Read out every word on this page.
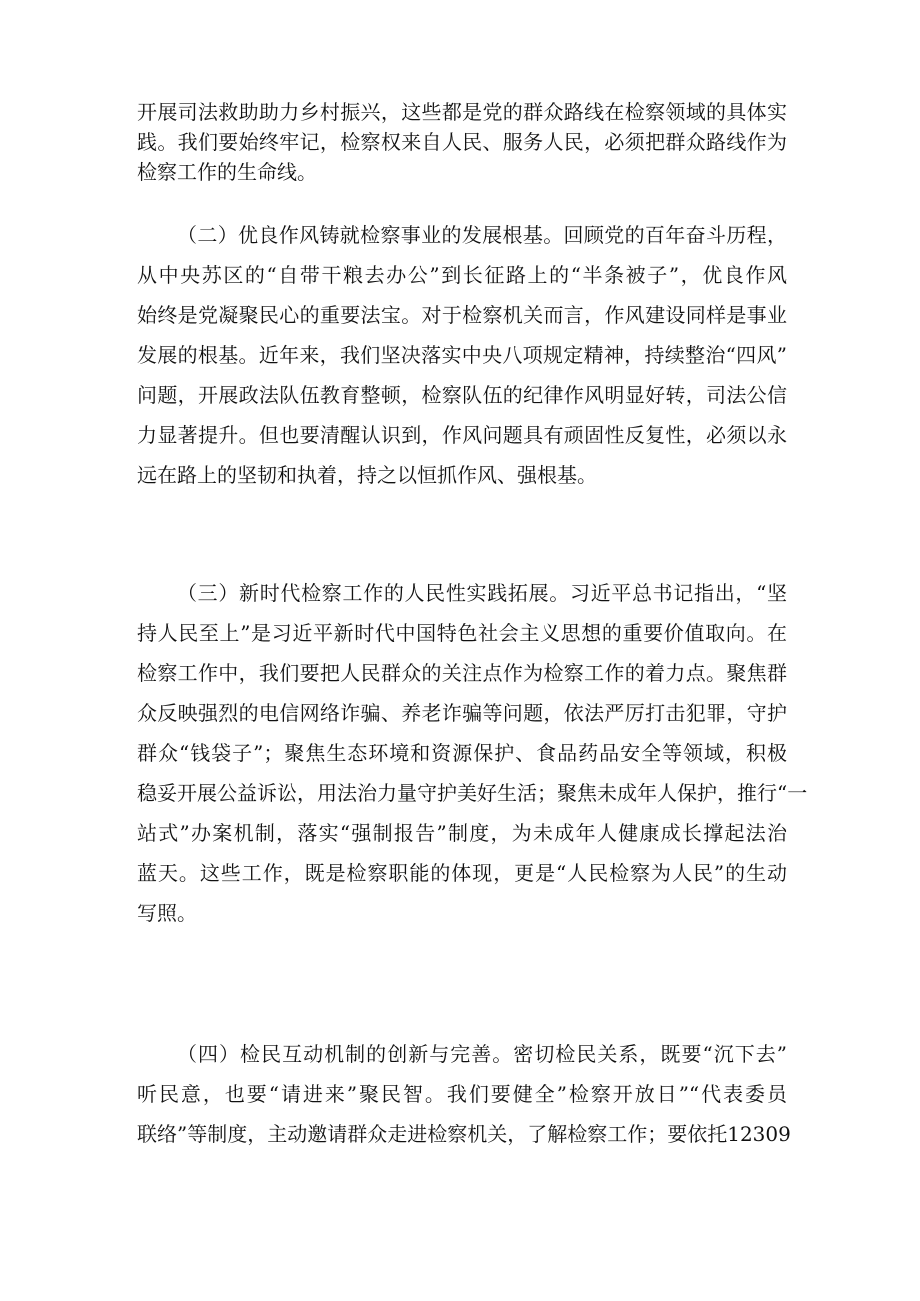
开展司法救助助力乡村振兴，这些都是党的群众路线在检察领域的具体实
践。我们要始终牢记，检察权来自人民、服务人民，必须把群众路线作为
检察工作的生命线。
（二）优良作风铸就检察事业的发展根基。回顾党的百年奋斗历程，
从中央苏区的“自带干粮去办公”到长征路上的“半条被子”，优良作风
始终是党凝聚民心的重要法宝。对于检察机关而言，作风建设同样是事业
发展的根基。近年来，我们坚决落实中央八项规定精神，持续整治“四风”
问题，开展政法队伍教育整顿，检察队伍的纪律作风明显好转，司法公信
力显著提升。但也要清醒认识到，作风问题具有顽固性反复性，必须以永
远在路上的坚韧和执着，持之以恒抓作风、强根基。
（三）新时代检察工作的人民性实践拓展。习近平总书记指出，“坚
持人民至上”是习近平新时代中国特色社会主义思想的重要价值取向。在
检察工作中，我们要把人民群众的关注点作为检察工作的着力点。聚焦群
众反映强烈的电信网络诈骗、养老诈骗等问题，依法严厉打击犯罪，守护
群众“钱袋子”；聚焦生态环境和资源保护、食品药品安全等领域，积极
稳妥开展公益诉讼，用法治力量守护美好生活；聚焦未成年人保护，推行“一
站式”办案机制，落实“强制报告”制度，为未成年人健康成长撑起法治
蓝天。这些工作，既是检察职能的体现，更是“人民检察为人民”的生动
写照。
（四）检民互动机制的创新与完善。密切检民关系，既要“沉下去”
听民意，也要“请进来”聚民智。我们要健全”检察开放日”“代表委员
联络”等制度，主动邀请群众走进检察机关，了解检察工作；要依托12309
